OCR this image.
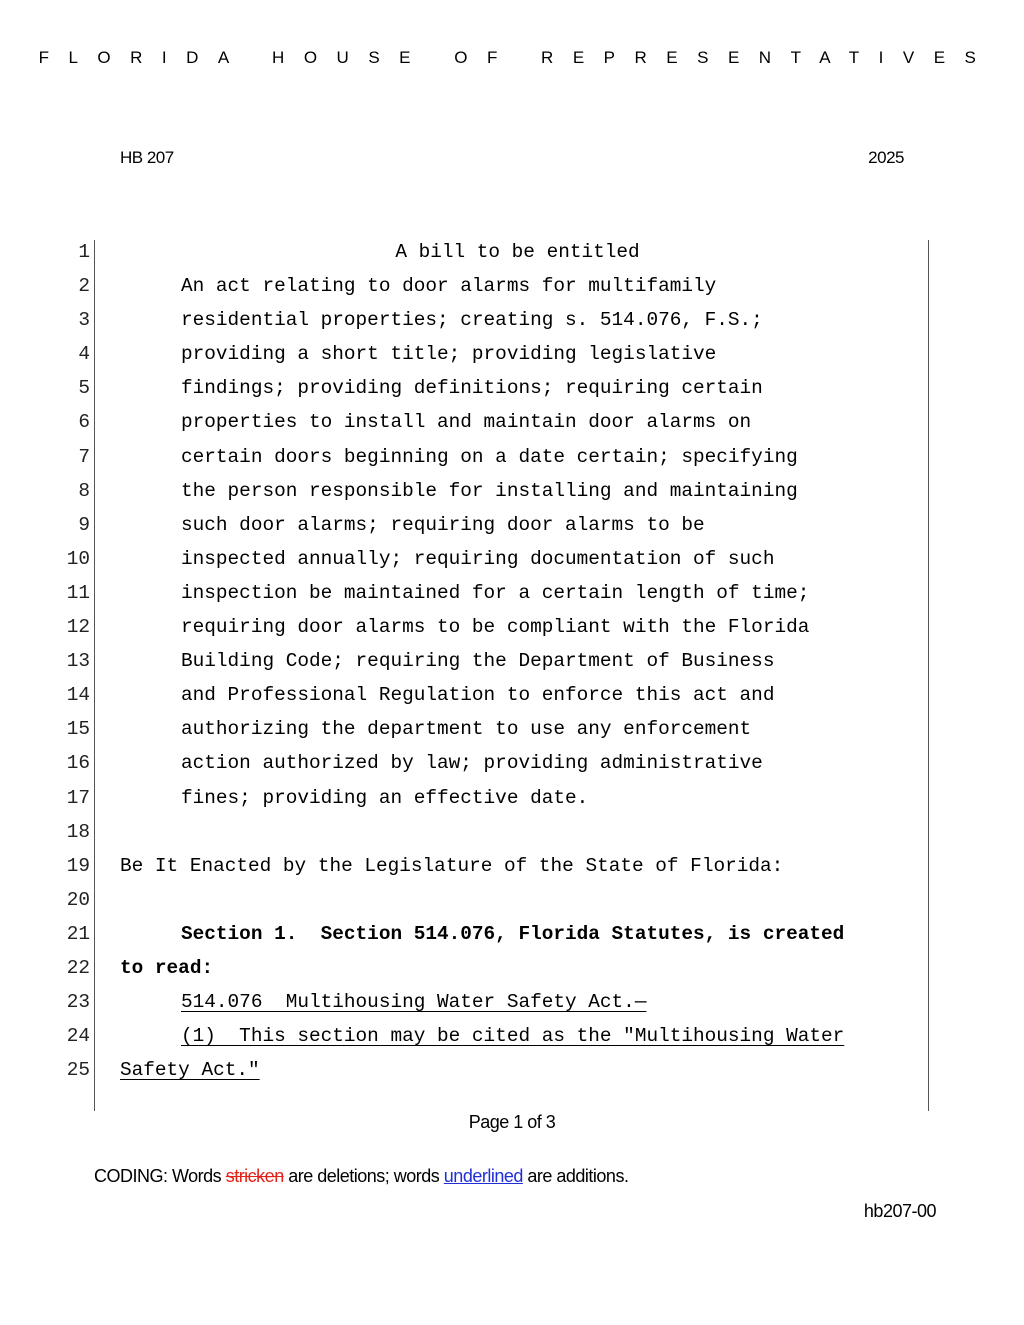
FLORIDA HOUSE OF REPRESENTATIVES
HB 207	2025
1	A bill to be entitled
2	An act relating to door alarms for multifamily
3	residential properties; creating s. 514.076, F.S.;
4	providing a short title; providing legislative
5	findings; providing definitions; requiring certain
6	properties to install and maintain door alarms on
7	certain doors beginning on a date certain; specifying
8	the person responsible for installing and maintaining
9	such door alarms; requiring door alarms to be
10	inspected annually; requiring documentation of such
11	inspection be maintained for a certain length of time;
12	requiring door alarms to be compliant with the Florida
13	Building Code; requiring the Department of Business
14	and Professional Regulation to enforce this act and
15	authorizing the department to use any enforcement
16	action authorized by law; providing administrative
17	fines; providing an effective date.
18
19 Be It Enacted by the Legislature of the State of Florida:
20
21	Section 1.  Section 514.076, Florida Statutes, is created
22 to read:
23	514.076  Multihousing Water Safety Act.—
24	(1)  This section may be cited as the "Multihousing Water
25 Safety Act."
Page 1 of 3
CODING: Words stricken are deletions; words underlined are additions.
hb207-00
